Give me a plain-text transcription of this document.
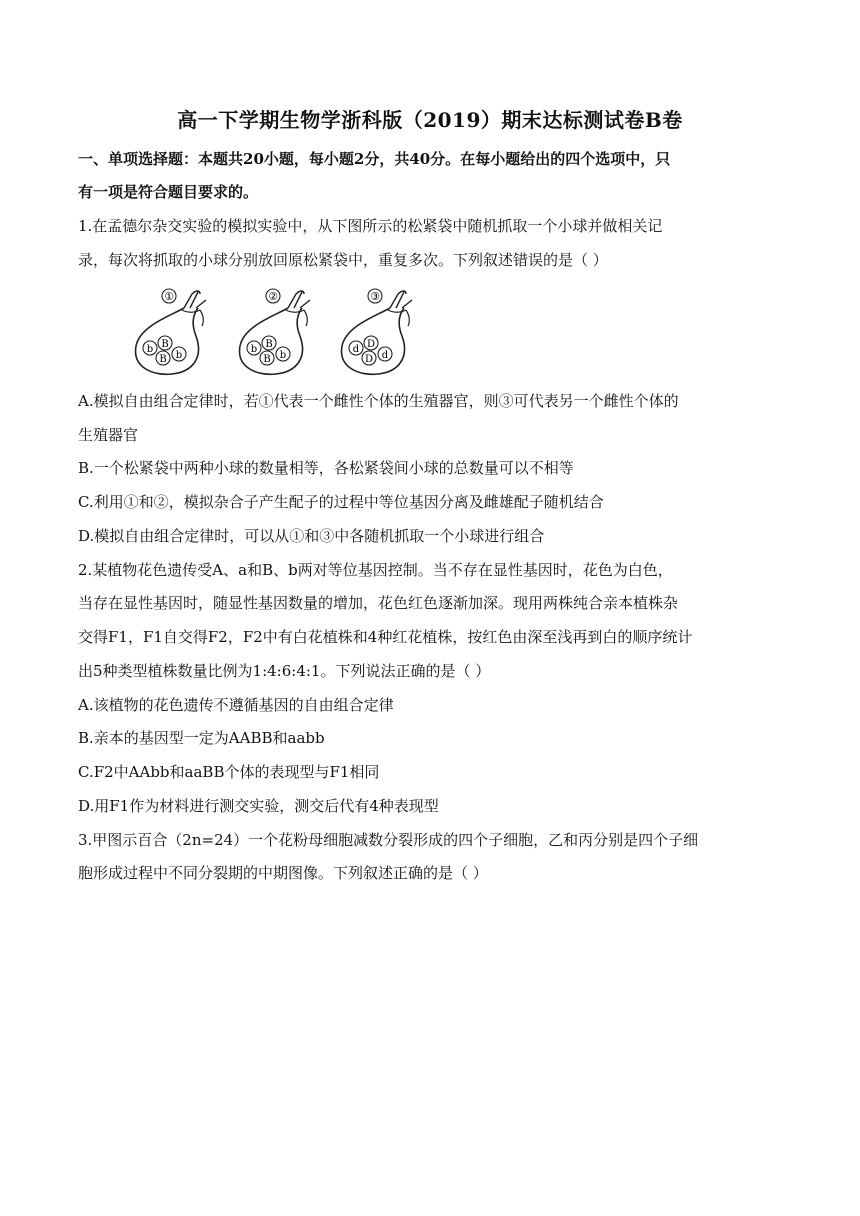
高一下学期生物学浙科版（2019）期末达标测试卷B卷
一、单项选择题：本题共20小题，每小题2分，共40分。在每小题给出的四个选项中，只
有一项是符合题目要求的。
1.在孟德尔杂交实验的模拟实验中，从下图所示的松紧袋中随机抓取一个小球并做相关记
录，每次将抓取的小球分别放回原松紧袋中，重复多次。下列叙述错误的是（ ）
①
b B
B b
②
b B
B b
③
d D
D d
A.模拟自由组合定律时，若①代表一个雌性个体的生殖器官，则③可代表另一个雌性个体的
生殖器官
B.一个松紧袋中两种小球的数量相等，各松紧袋间小球的总数量可以不相等
C.利用①和②，模拟杂合子产生配子的过程中等位基因分离及雌雄配子随机结合
D.模拟自由组合定律时，可以从①和③中各随机抓取一个小球进行组合
2.某植物花色遗传受A、a和B、b两对等位基因控制。当不存在显性基因时，花色为白色，
当存在显性基因时，随显性基因数量的增加，花色红色逐渐加深。现用两株纯合亲本植株杂
交得F1，F1自交得F2，F2中有白花植株和4种红花植株，按红色由深至浅再到白的顺序统计
出5种类型植株数量比例为1:4:6:4:1。下列说法正确的是（ ）
A.该植物的花色遗传不遵循基因的自由组合定律
B.亲本的基因型一定为AABB和aabb
C.F2中AAbb和aaBB个体的表现型与F1相同
D.用F1作为材料进行测交实验，测交后代有4种表现型
3.甲图示百合（2n=24）一个花粉母细胞减数分裂形成的四个子细胞，乙和丙分别是四个子细
胞形成过程中不同分裂期的中期图像。下列叙述正确的是（ ）
